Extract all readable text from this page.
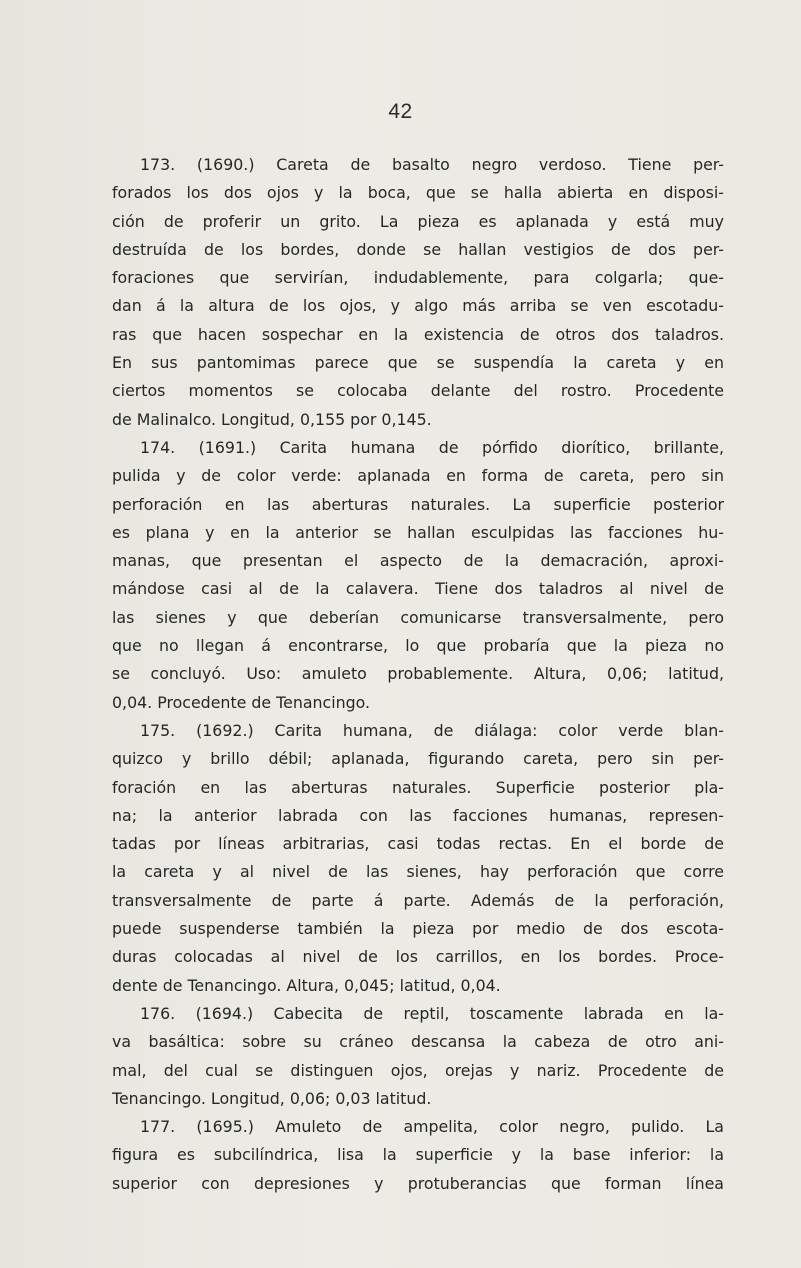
42
173. (1690.) Careta de basalto negro verdoso. Tiene per-
forados los dos ojos y la boca, que se halla abierta en disposi-
ción de proferir un grito. La pieza es aplanada y está muy
destruída de los bordes, donde se hallan vestigios de dos per-
foraciones que servirían, indudablemente, para colgarla; que-
dan á la altura de los ojos, y algo más arriba se ven escotadu-
ras que hacen sospechar en la existencia de otros dos taladros.
En sus pantomimas parece que se suspendía la careta y en
ciertos momentos se colocaba delante del rostro. Procedente
de Malinalco. Longitud, 0,155 por 0,145.
174. (1691.) Carita humana de pórfido diorítico, brillante,
pulida y de color verde: aplanada en forma de careta, pero sin
perforación en las aberturas naturales. La superficie posterior
es plana y en la anterior se hallan esculpidas las facciones hu-
manas, que presentan el aspecto de la demacración, aproxi-
mándose casi al de la calavera. Tiene dos taladros al nivel de
las sienes y que deberían comunicarse transversalmente, pero
que no llegan á encontrarse, lo que probaría que la pieza no
se concluyó. Uso: amuleto probablemente. Altura, 0,06; latitud,
0,04. Procedente de Tenancingo.
175. (1692.) Carita humana, de diálaga: color verde blan-
quizco y brillo débil; aplanada, figurando careta, pero sin per-
foración en las aberturas naturales. Superficie posterior pla-
na; la anterior labrada con las facciones humanas, represen-
tadas por líneas arbitrarias, casi todas rectas. En el borde de
la careta y al nivel de las sienes, hay perforación que corre
transversalmente de parte á parte. Además de la perforación,
puede suspenderse también la pieza por medio de dos escota-
duras colocadas al nivel de los carrillos, en los bordes. Proce-
dente de Tenancingo. Altura, 0,045; latitud, 0,04.
176. (1694.) Cabecita de reptil, toscamente labrada en la-
va basáltica: sobre su cráneo descansa la cabeza de otro ani-
mal, del cual se distinguen ojos, orejas y nariz. Procedente de
Tenancingo. Longitud, 0,06; 0,03 latitud.
177. (1695.) Amuleto de ampelita, color negro, pulido. La
figura es subcilíndrica, lisa la superficie y la base inferior: la
superior con depresiones y protuberancias que forman línea
